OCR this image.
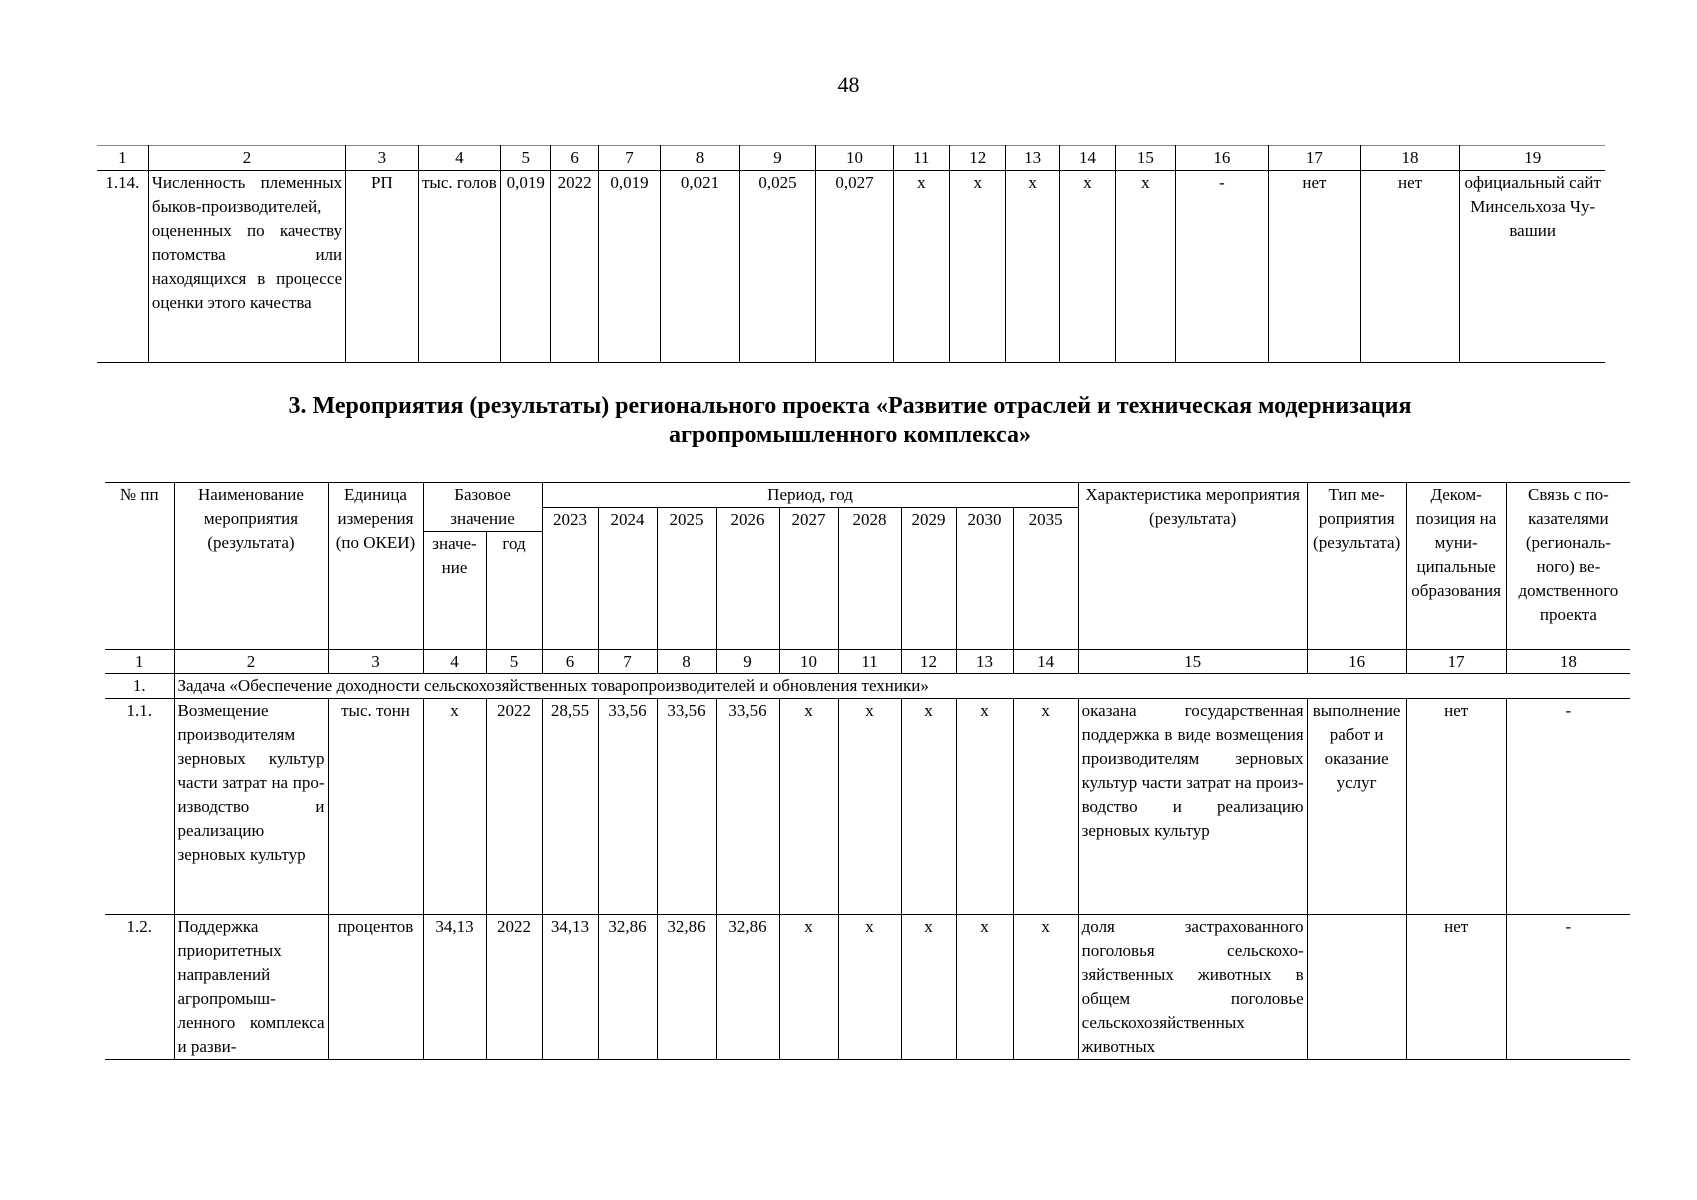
48
1	2	3	4	5	6	7	8	9	10	11	12	13	14	15	16	17	18	19
1.14.	Численность племенных быков-производителей, оцененных по качеству потомства или находящихся в процессе оценки этого качества	РП	тыс. голов	0,019	2022	0,019	0,021	0,025	0,027	х	х	х	х	х	-	нет	нет	официальный сайт Минсельхоза Чувашии
3. Мероприятия (результаты) регионального проекта «Развитие отраслей и техническая модернизация
агропромышленного комплекса»
№ пп	Наименование мероприятия (результата)	Единица измерения (по ОКЕИ)	Базовое значение		Период, год									Характеристика мероприятия (результата)	Тип мероприятия (результата)	Декомпозиция на муниципальные образования	Связь с показателями (регионального) ведомственного проекта
					2023	2024	2025	2026	2027	2028	2029	2030	2035				
			значение	год													
1	2	3	4	5	6	7	8	9	10	11	12	13	14	15	16	17	18
1.	Задача «Обеспечение доходности сельскохозяйственных товаропроизводителей и обновления техники»																
1.1.	Возмещение производителям зерновых культур части затрат на производство и реализацию зерновых культур	тыс. тонн	х	2022	28,55	33,56	33,56	33,56	х	х	х	х	х	оказана государственная поддержка в виде возмещения производителям зерновых культур части затрат на производство и реализацию зерновых культур	выполнение работ и оказание услуг	нет	-
1.2.	Поддержка приоритетных направлений агропромышленного комплекса и разви-	процентов	34,13	2022	34,13	32,86	32,86	32,86	х	х	х	х	х	доля застрахованного поголовья сельскохозяйственных животных в общем поголовье сельскохозяйственных животных		нет	-
